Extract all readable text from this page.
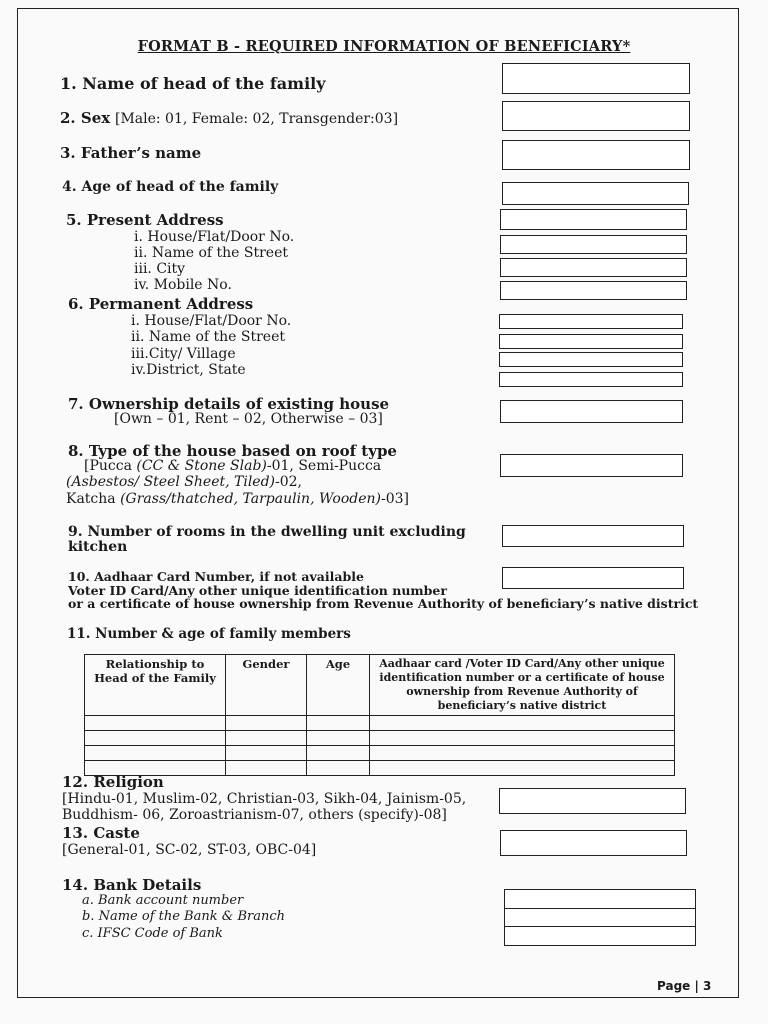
FORMAT B - REQUIRED INFORMATION OF BENEFICIARY*
1. Name of head of the family
2. Sex [Male: 01, Female: 02, Transgender:03]
3. Father’s name
4. Age of head of the family
5. Present Address
i. House/Flat/Door No.
ii. Name of the Street
iii. City
iv. Mobile No.
6. Permanent Address
i. House/Flat/Door No.
ii. Name of the Street
iii.City/ Village
iv.District, State
7. Ownership details of existing house
[Own – 01, Rent – 02, Otherwise – 03]
8. Type of the house based on roof type
[Pucca (CC & Stone Slab)-01, Semi-Pucca
(Asbestos/ Steel Sheet, Tiled)-02,
Katcha (Grass/thatched, Tarpaulin, Wooden)-03]
9. Number of rooms in the dwelling unit excluding
kitchen
10. Aadhaar Card Number, if not available
Voter ID Card/Any other unique identification number
or a certificate of house ownership from Revenue Authority of beneficiary’s native district
11. Number & age of family members
Relationship to Head of the Family	Gender	Age	Aadhaar card /Voter ID Card/Any other unique identification number or a certificate of house ownership from Revenue Authority of beneficiary’s native district

12. Religion
[Hindu-01, Muslim-02, Christian-03, Sikh-04, Jainism-05,
Buddhism- 06, Zoroastrianism-07, others (specify)-08]
13. Caste
[General-01, SC-02, ST-03, OBC-04]
14. Bank Details
a. Bank account number
b. Name of the Bank & Branch
c. IFSC Code of Bank
Page | 3
